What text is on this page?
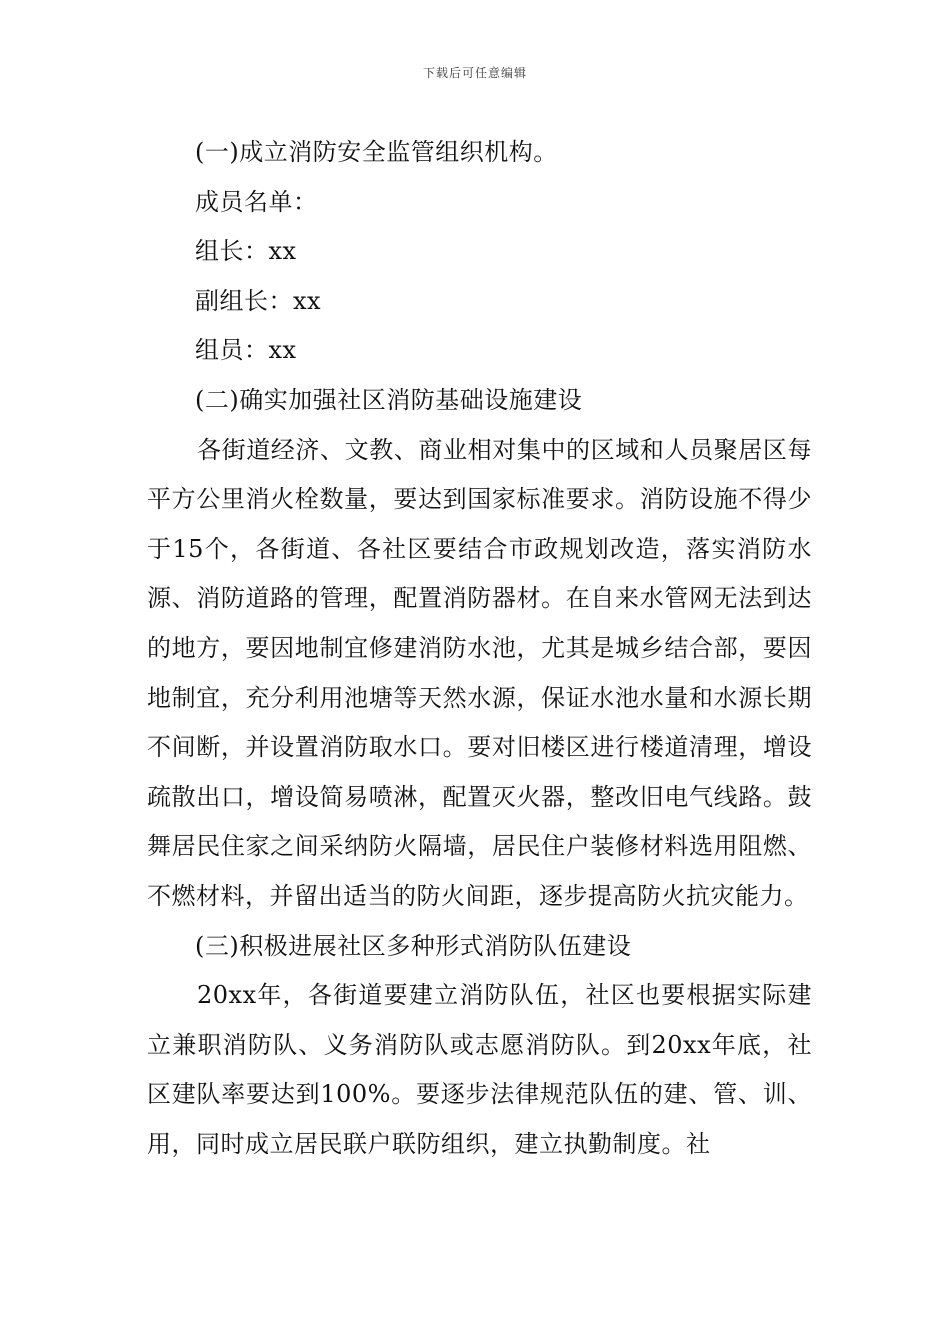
下载后可任意编辑

(一)成立消防安全监管组织机构。

成员名单：

组长：xx

副组长：xx

组员：xx

(二)确实加强社区消防基础设施建设

各街道经济、文教、商业相对集中的区域和人员聚居区每平方公里消火栓数量，要达到国家标准要求。消防设施不得少于15个，各街道、各社区要结合市政规划改造，落实消防水源、消防道路的管理，配置消防器材。在自来水管网无法到达的地方，要因地制宜修建消防水池，尤其是城乡结合部，要因地制宜，充分利用池塘等天然水源，保证水池水量和水源长期不间断，并设置消防取水口。要对旧楼区进行楼道清理，增设疏散出口，增设简易喷淋，配置灭火器，整改旧电气线路。鼓舞居民住家之间采纳防火隔墙，居民住户装修材料选用阻燃、不燃材料，并留出适当的防火间距，逐步提高防火抗灾能力。

(三)积极进展社区多种形式消防队伍建设

20xx年，各街道要建立消防队伍，社区也要根据实际建立兼职消防队、义务消防队或志愿消防队。到20xx年底，社区建队率要达到100%。要逐步法律规范队伍的建、管、训、用，同时成立居民联户联防组织，建立执勤制度。社
